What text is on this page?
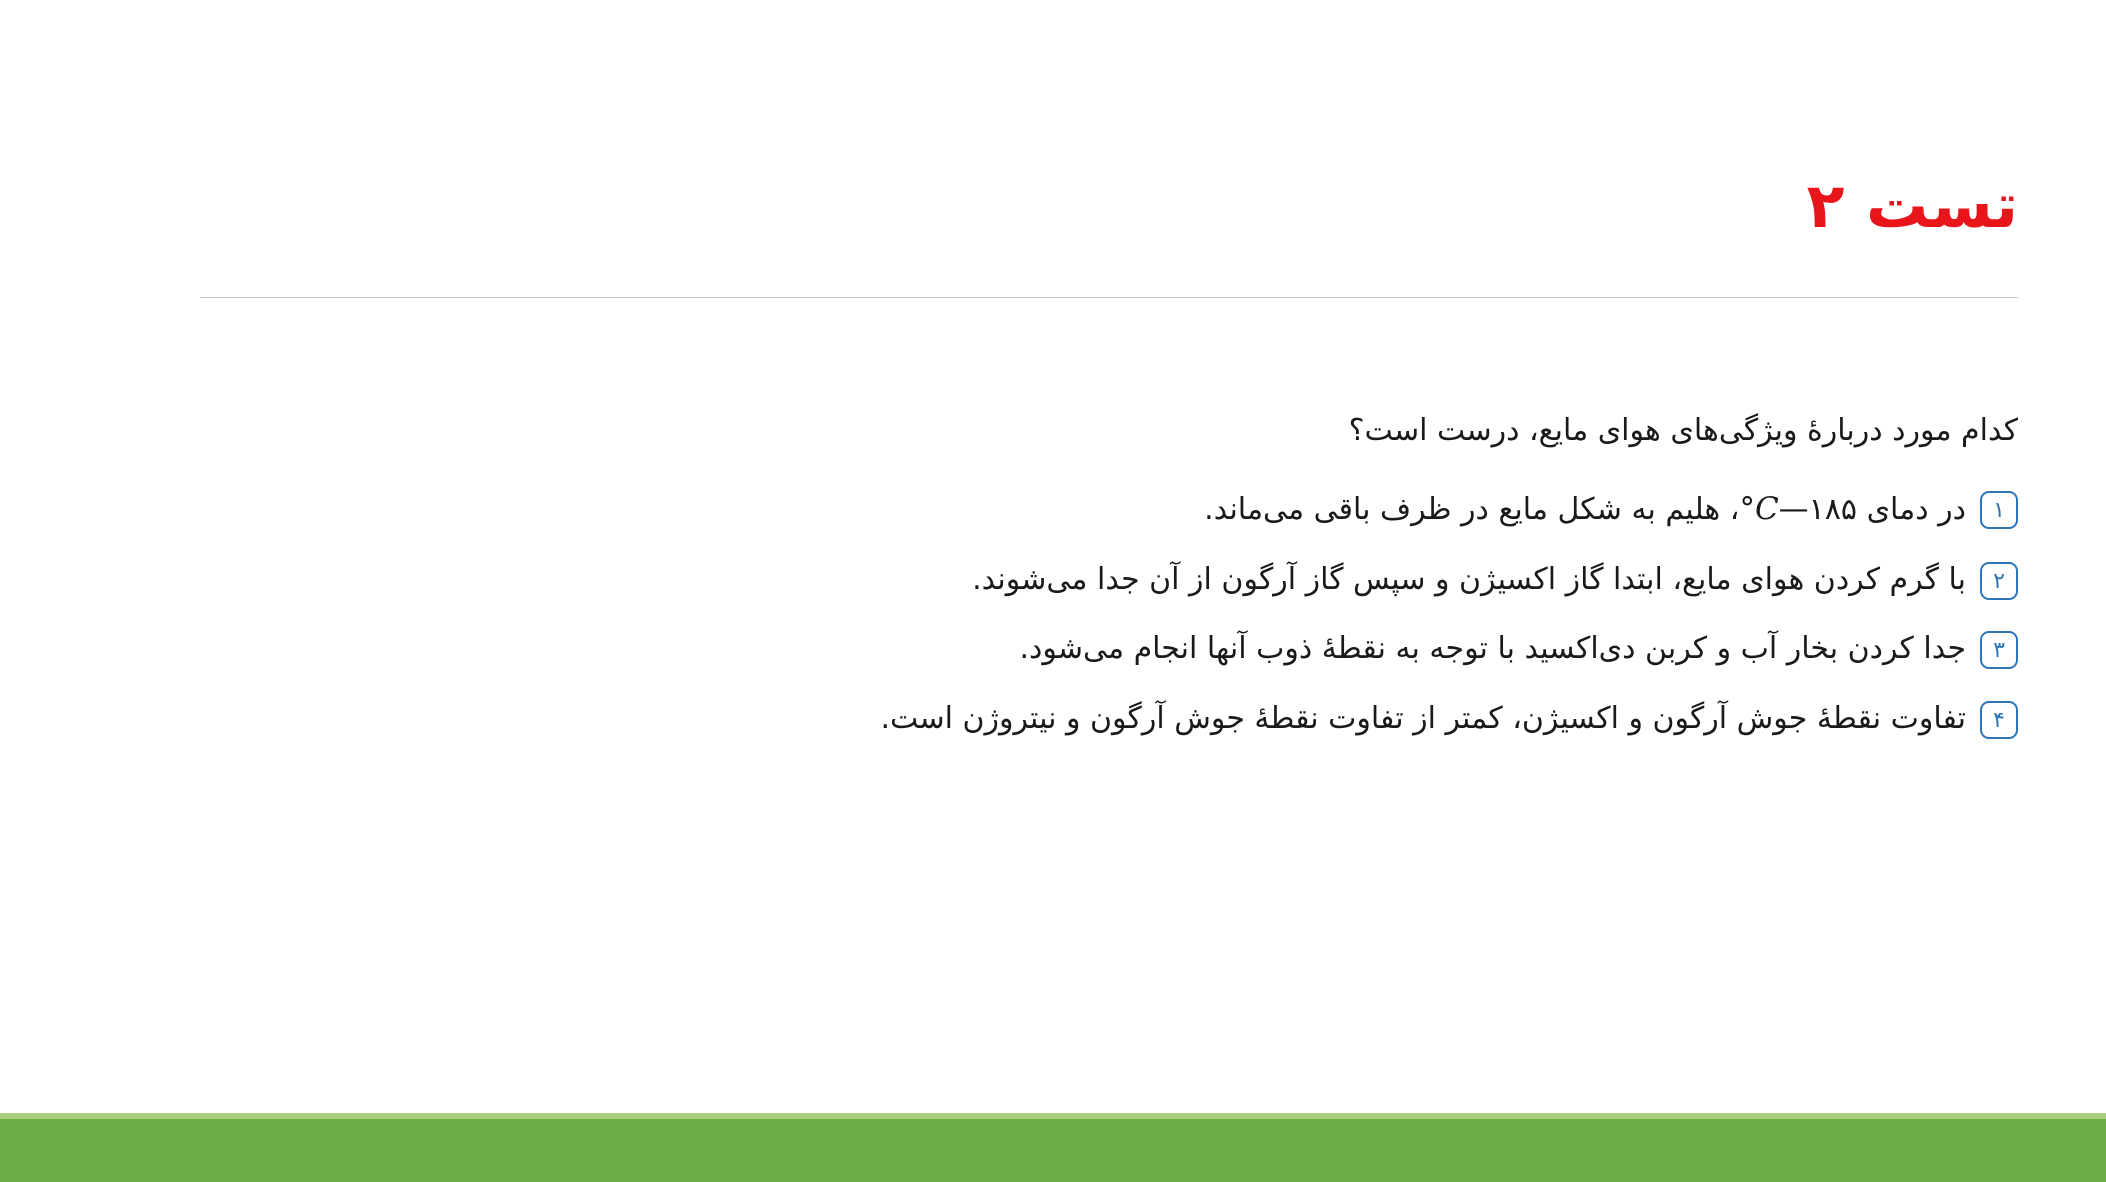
تست ۲

کدام مورد دربارهٔ ویژگی‌های هوای مایع، درست است؟

۱
در دمای ۱۸۵—C°، هلیم به شکل مایع در ظرف باقی می‌ماند.
۲
با گرم کردن هوای مایع، ابتدا گاز اکسیژن و سپس گاز آرگون از آن جدا می‌شوند.
۳
جدا کردن بخار آب و کربن دی‌اکسید با توجه به نقطهٔ ذوب آنها انجام می‌شود.
۴
تفاوت نقطهٔ جوش آرگون و اکسیژن، کمتر از تفاوت نقطهٔ جوش آرگون و نیتروژن است.
